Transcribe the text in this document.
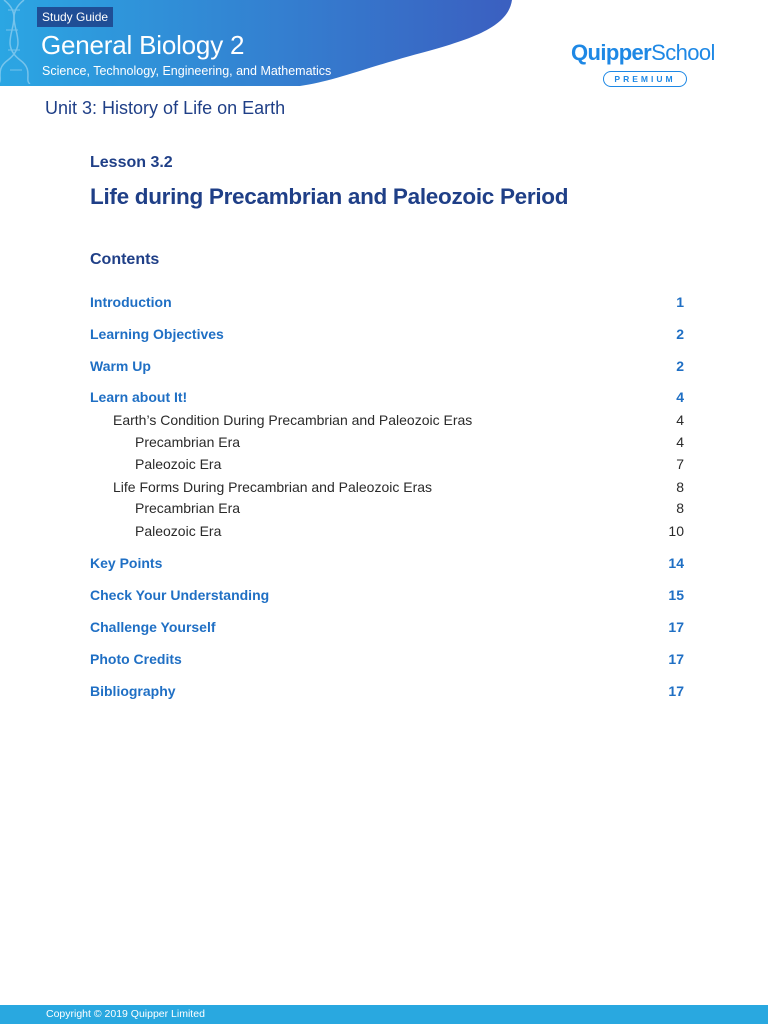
Study Guide
General Biology 2
Science, Technology, Engineering, and Mathematics
QuipperSchool
PREMIUM
Unit 3: History of Life on Earth
Lesson 3.2
Life during Precambrian and Paleozoic Period
Contents
Introduction	1
Learning Objectives	2
Warm Up	2
Learn about It!	4
Earth’s Condition During Precambrian and Paleozoic Eras	4
Precambrian Era	4
Paleozoic Era	7
Life Forms During Precambrian and Paleozoic Eras	8
Precambrian Era	8
Paleozoic Era	10
Key Points	14
Check Your Understanding	15
Challenge Yourself	17
Photo Credits	17
Bibliography	17
Copyright © 2019 Quipper Limited
